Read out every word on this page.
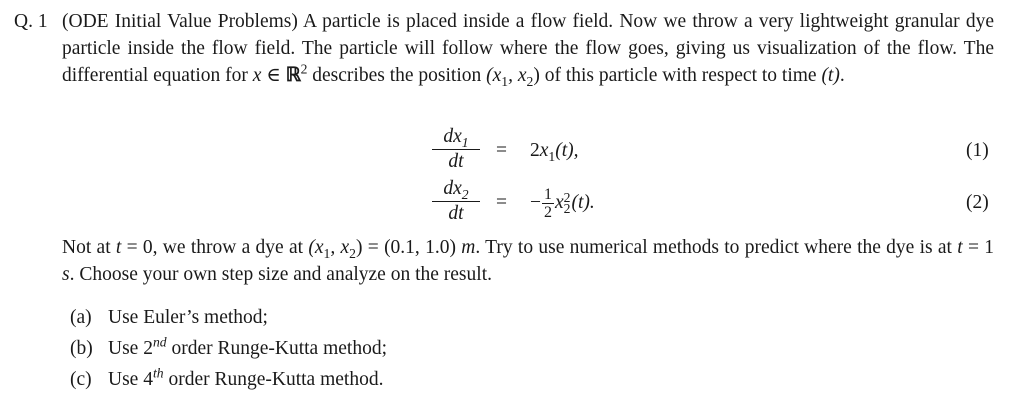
Q. 1 (ODE Initial Value Problems) A particle is placed inside a flow field. Now we throw a very lightweight granular dye particle inside the flow field. The particle will follow where the flow goes, giving us visualization of the flow. The differential equation for x ∈ ℝ$^2$ describes the position ($x_1$, $x_2$) of this particle with respect to time (t).
$\frac{dx_1}{dt} = 2x_1(t)$,	(1)
$\frac{dx_2}{dt}$ = − $\frac{1}{2}$ x 2
2 (t).	(2)
Not at t = 0, we throw a dye at ($x_1$, $x_2) = (0.1$, 1.0) m. Try to use numerical methods to predict where the dye is at t = 1 s. Choose your own step size and analyze on the result.
(a) Use Euler’s method;
(b) Use 2nd order Runge-Kutta method;
(c) Use 4th order Runge-Kutta method.
